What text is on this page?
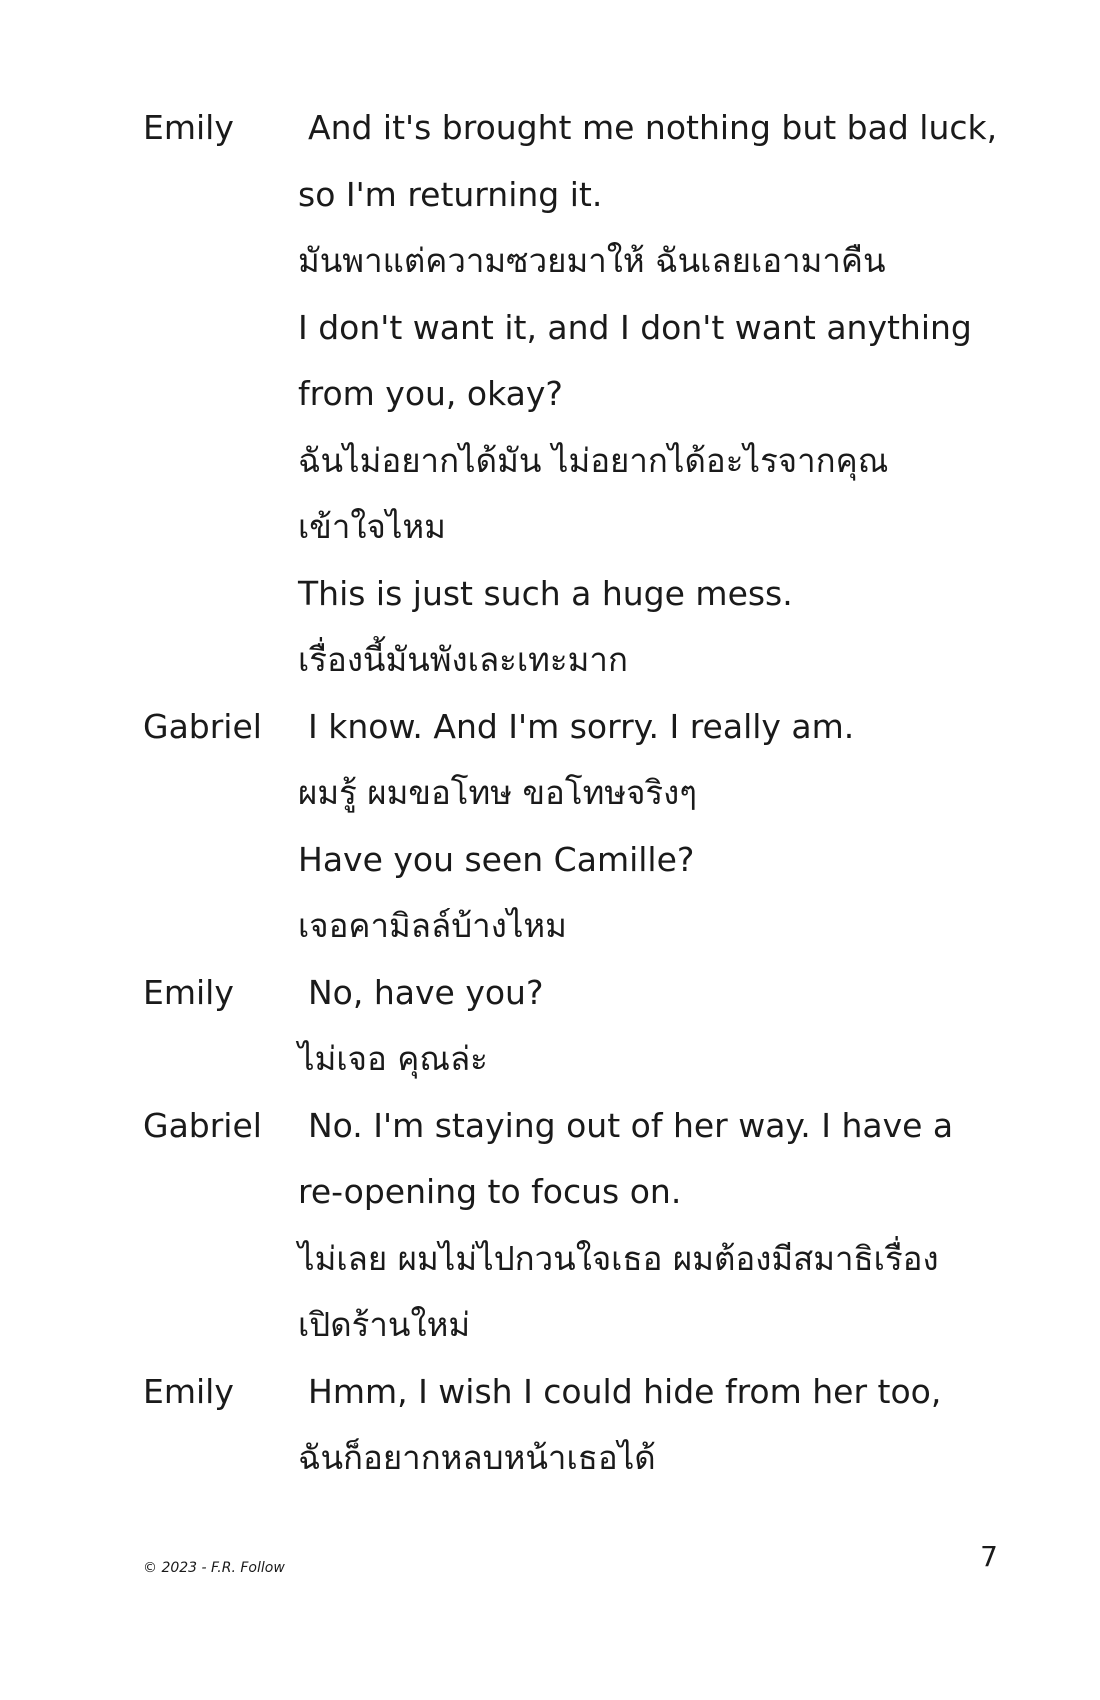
Emily	And it's brought me nothing but bad luck,
so I'm returning it.
มันพาแต่ความซวยมาให้ ฉันเลยเอามาคืน
I don't want it, and I don't want anything
from you, okay?
ฉันไม่อยากได้มัน ไม่อยากได้อะไรจากคุณ
เข้าใจไหม
This is just such a huge mess.
เรื่องนี้มันพังเละเทะมาก
Gabriel	I know. And I'm sorry. I really am.
ผมรู้ ผมขอโทษ ขอโทษจริงๆ
Have you seen Camille?
เจอคามิลล์บ้างไหม
Emily	No, have you?
ไม่เจอ คุณล่ะ
Gabriel	No. I'm staying out of her way. I have a
re-opening to focus on.
ไม่เลย ผมไม่ไปกวนใจเธอ ผมต้องมีสมาธิเรื่อง
เปิดร้านใหม่
Emily	Hmm, I wish I could hide from her too,
ฉันก็อยากหลบหน้าเธอได้
© 2023 - F.R. Follow	7
